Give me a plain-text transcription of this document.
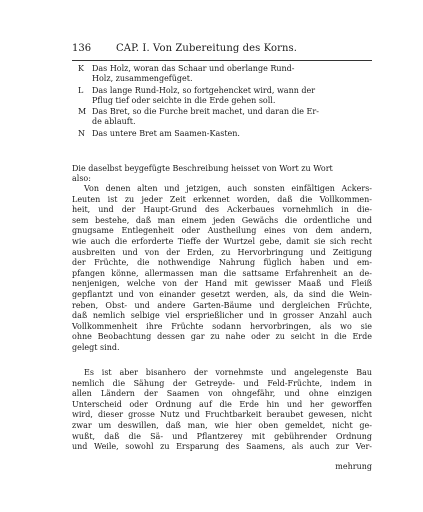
136 CAP. I. Von Zubereitung des Korns.
K Das Holz, woran das Schaar und oberlange Rund-
Holz, zusammengefüget.
L Das lange Rund-Holz, so fortgehencket wird, wann der
Pflug tief oder seichte in die Erde gehen soll.
M Das Bret, so die Furche breit machet, und daran die Er-
de ablauft.
N Das untere Bret am Saamen-Kasten.
Die daselbst beygefügte Beschreibung heisset von Wort zu Wort
also:
Von denen alten und jetzigen, auch sonsten einfältigen Ackers-
Leuten ist zu jeder Zeit erkennet worden, daß die Vollkommen-
heit, und der Haupt-Grund des Ackerbaues vornehmlich in die-
sem bestehe, daß man einem jeden Gewächs die ordentliche und
gnugsame Entlegenheit oder Austheilung eines von dem andern,
wie auch die erforderte Tieffe der Wurtzel gebe, damit sie sich recht
ausbreiten und von der Erden, zu Hervorbringung und Zeitigung
der Früchte, die nothwendige Nahrung füglich haben und em-
pfangen könne, allermassen man die sattsame Erfahrenheit an de-
nenjenigen, welche von der Hand mit gewisser Maaß und Fleiß
gepflantzt und von einander gesetzt werden, als, da sind die Wein-
reben, Obst- und andere Garten-Bäume und dergleichen Früchte,
daß nemlich selbige viel ersprießlicher und in grosser Anzahl auch
Vollkommenheit ihre Früchte sodann hervorbringen, als wo sie
ohne Beobachtung dessen gar zu nahe oder zu seicht in die Erde
gelegt sind.
Es ist aber bisanhero der vornehmste und angelegenste Bau
nemlich die Sähung der Getreyde- und Feld-Früchte, indem in
allen Ländern der Saamen von ohngefähr, und ohne einzigen
Unterscheid oder Ordnung auf die Erde hin und her geworffen
wird, dieser grosse Nutz und Fruchtbarkeit beraubet gewesen, nicht
zwar um deswillen, daß man, wie hier oben gemeldet, nicht ge-
wußt, daß die Sä- und Pflantzerey mit gebührender Ordnung
und Weile, sowohl zu Ersparung des Saamens, als auch zur Ver-
mehrung
